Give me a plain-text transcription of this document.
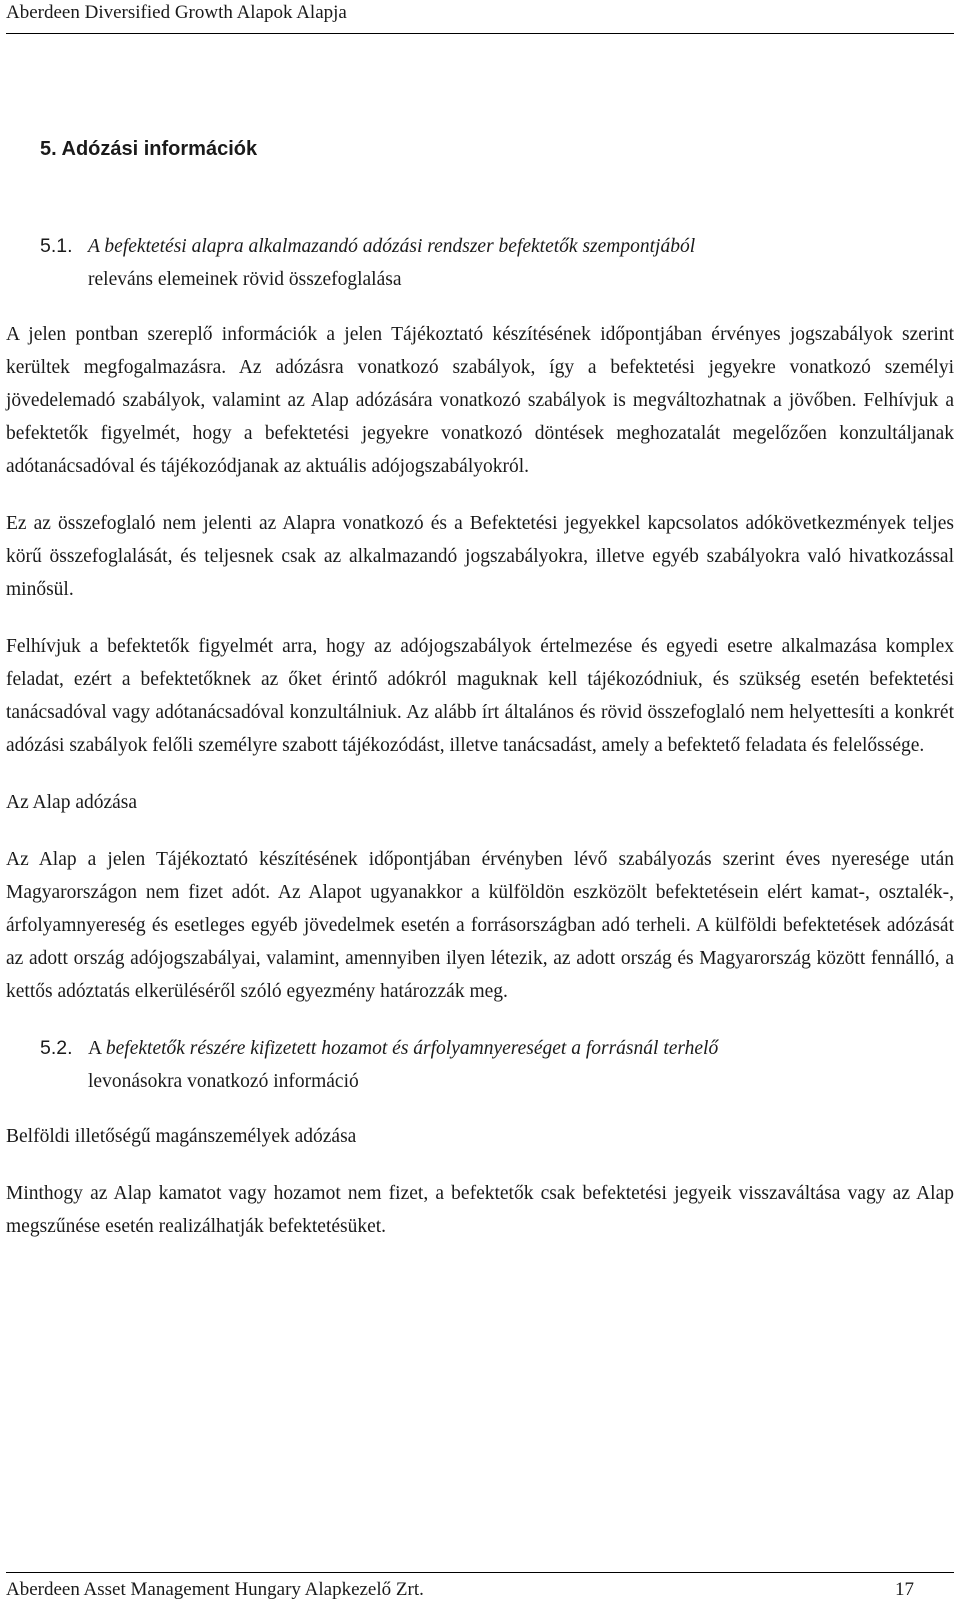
Aberdeen Diversified Growth Alapok Alapja
5. Adózási információk
5.1. A befektetési alapra alkalmazandó adózási rendszer befektetők szempontjából
releváns elemeinek rövid összefoglalása

A jelen pontban szereplő információk a jelen Tájékoztató készítésének időpontjában érvényes jogszabályok szerint kerültek megfogalmazásra. Az adózásra vonatkozó szabályok, így a befektetési jegyekre vonatkozó személyi jövedelemadó szabályok, valamint az Alap adózására vonatkozó szabályok is megváltozhatnak a jövőben. Felhívjuk a befektetők figyelmét, hogy a befektetési jegyekre vonatkozó döntések meghozatalát megelőzően konzultáljanak adótanácsadóval és tájékozódjanak az aktuális adójogszabályokról.

Ez az összefoglaló nem jelenti az Alapra vonatkozó és a Befektetési jegyekkel kapcsolatos adókövetkezmények teljes körű összefoglalását, és teljesnek csak az alkalmazandó jogszabályokra, illetve egyéb szabályokra való hivatkozással minősül.

Felhívjuk a befektetők figyelmét arra, hogy az adójogszabályok értelmezése és egyedi esetre alkalmazása komplex feladat, ezért a befektetőknek az őket érintő adókról maguknak kell tájékozódniuk, és szükség esetén befektetési tanácsadóval vagy adótanácsadóval konzultálniuk. Az alább írt általános és rövid összefoglaló nem helyettesíti a konkrét adózási szabályok felőli személyre szabott tájékozódást, illetve tanácsadást, amely a befektető feladata és felelőssége.

Az Alap adózása

Az Alap a jelen Tájékoztató készítésének időpontjában érvényben lévő szabályozás szerint éves nyeresége után Magyarországon nem fizet adót. Az Alapot ugyanakkor a külföldön eszközölt befektetésein elért kamat-, osztalék-, árfolyamnyereség és esetleges egyéb jövedelmek esetén a forrásországban adó terheli. A külföldi befektetések adózását az adott ország adójogszabályai, valamint, amennyiben ilyen létezik, az adott ország és Magyarország között fennálló, a kettős adóztatás elkerüléséről szóló egyezmény határozzák meg.

5.2. A befektetők részére kifizetett hozamot és árfolyamnyereséget a forrásnál terhelő
levonásokra vonatkozó információ
Belföldi illetőségű magánszemélyek adózása

Minthogy az Alap kamatot vagy hozamot nem fizet, a befektetők csak befektetési jegyeik visszaváltása vagy az Alap megszűnése esetén realizálhatják befektetésüket.

Aberdeen Asset Management Hungary Alapkezelő Zrt.	17
